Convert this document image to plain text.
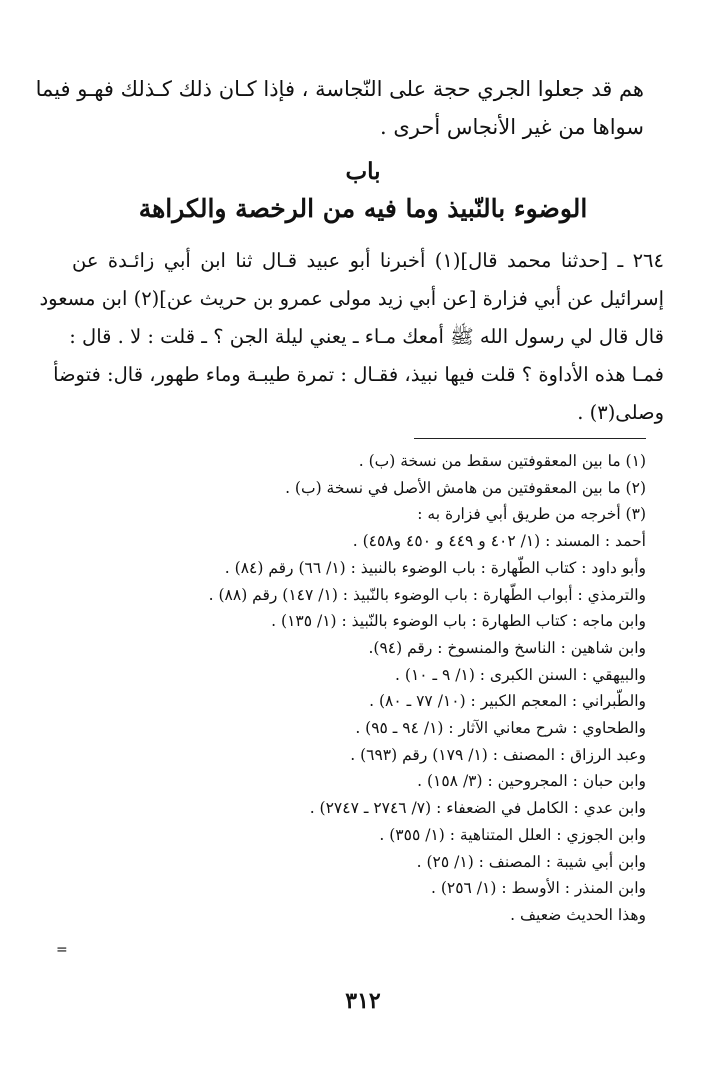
هم قد جعلوا الجري حجة على النّجاسة ، فإذا كـان ذلك كـذلك فهـو فيما
سواها من غير الأنجاس أحرى .
باب
الوضوء بالنّبيذ وما فيه من الرخصة والكراهة
٢٦٤ ـ [حدثنا محمد قال](١) أخبرنا أبو عبيد قـال ثنا ابن أبي زائـدة عن
إسرائيل عن أبي فزارة [عن أبي زيد مولى عمرو بن حريث عن](٢) ابن مسعود
قال قال لي رسول الله ﷺ أمعك مـاء ـ يعني ليلة الجن ؟ ـ قلت : لا . قال :
فمـا هذه الأداوة ؟ قلت فيها نبيذ، فقـال : تمرة طيبـة وماء طهور، قال: فتوضأ
وصلى(٣) .
(١) ما بين المعقوفتين سقط من نسخة (ب) .
(٢) ما بين المعقوفتين من هامش الأصل في نسخة (ب) .
(٣) أخرجه من طريق أبي فزارة به :
أحمد : المسند : (١/ ٤٠٢ و ٤٤٩ و ٤٥٠ و٤٥٨) .
وأبو داود : كتاب الطّهارة : باب الوضوء بالنبيذ : (١/ ٦٦) رقم (٨٤) .
والترمذي : أبواب الطّهارة : باب الوضوء بالنّبيذ : (١/ ١٤٧) رقم (٨٨) .
وابن ماجه : كتاب الطهارة : باب الوضوء بالنّبيذ : (١/ ١٣٥) .
وابن شاهين : الناسخ والمنسوخ : رقم (٩٤).
والبيهقي : السنن الكبرى : (١/ ٩ ـ ١٠) .
والطّبراني : المعجم الكبير : (١٠/ ٧٧ ـ ٨٠) .
والطحاوي : شرح معاني الآثار : (١/ ٩٤ ـ ٩٥) .
وعبد الرزاق : المصنف : (١/ ١٧٩) رقم (٦٩٣) .
وابن حبان : المجروحين : (٣/ ١٥٨) .
وابن عدي : الكامل في الضعفاء : (٧/ ٢٧٤٦ ـ ٢٧٤٧) .
وابن الجوزي : العلل المتناهية : (١/ ٣٥٥) .
وابن أبي شيبة : المصنف : (١/ ٢٥) .
وابن المنذر : الأوسط : (١/ ٢٥٦) .
وهذا الحديث ضعيف .
=
٣١٢
